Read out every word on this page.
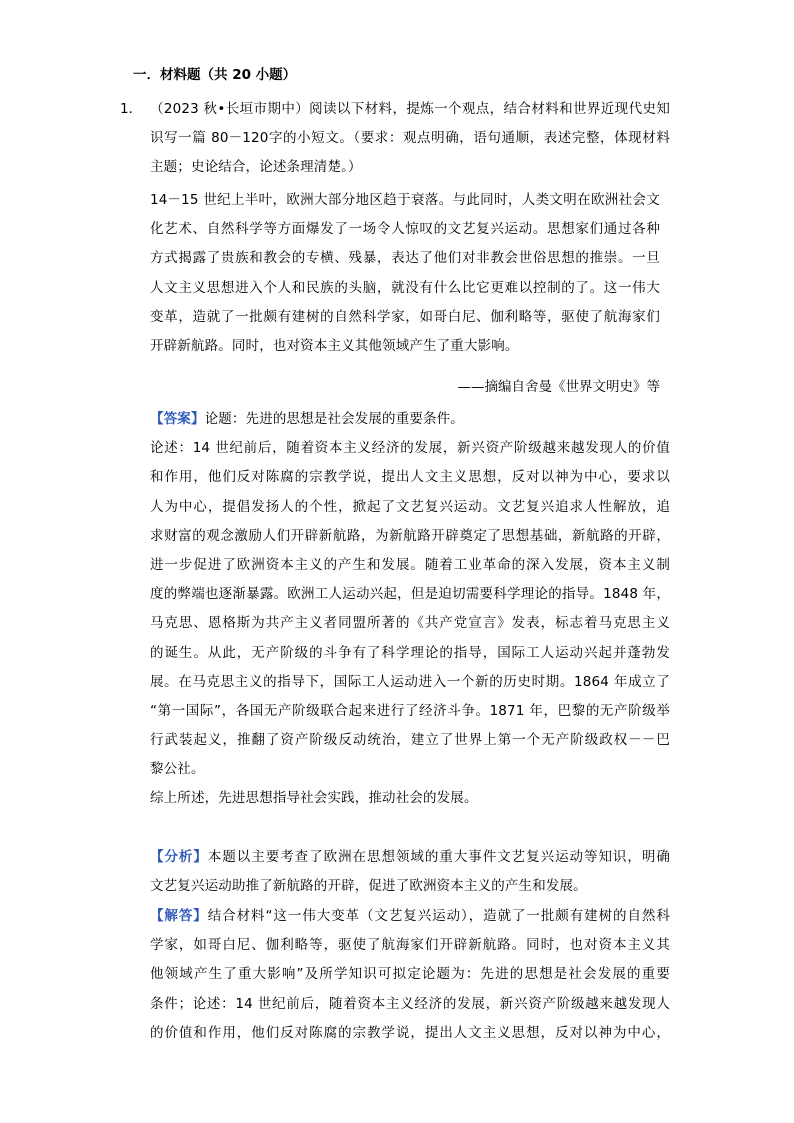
一．材料题（共 20 小题）
1． （2023 秋•长垣市期中）阅读以下材料，提炼一个观点，结合材料和世界近现代史知
识写一篇 80－120字的小短文。（要求：观点明确，语句通顺，表述完整，体现材料
主题；史论结合，论述条理清楚。）
14－15 世纪上半叶，欧洲大部分地区趋于衰落。与此同时，人类文明在欧洲社会文
化艺术、自然科学等方面爆发了一场令人惊叹的文艺复兴运动。思想家们通过各种
方式揭露了贵族和教会的专横、残暴，表达了他们对非教会世俗思想的推崇。一旦
人文主义思想进入个人和民族的头脑，就没有什么比它更难以控制的了。这一伟大
变革，造就了一批颇有建树的自然科学家，如哥白尼、伽利略等，驱使了航海家们
开辟新航路。同时，也对资本主义其他领域产生了重大影响。
——摘编自舍曼《世界文明史》等
【答案】论题：先进的思想是社会发展的重要条件。
论述：14 世纪前后，随着资本主义经济的发展，新兴资产阶级越来越发现人的价值
和作用，他们反对陈腐的宗教学说，提出人文主义思想，反对以神为中心，要求以
人为中心，提倡发扬人的个性，掀起了文艺复兴运动。文艺复兴追求人性解放，追
求财富的观念激励人们开辟新航路，为新航路开辟奠定了思想基础，新航路的开辟，
进一步促进了欧洲资本主义的产生和发展。随着工业革命的深入发展，资本主义制
度的弊端也逐渐暴露。欧洲工人运动兴起，但是迫切需要科学理论的指导。1848 年，
马克思、恩格斯为共产主义者同盟所著的《共产党宣言》发表，标志着马克思主义
的诞生。从此，无产阶级的斗争有了科学理论的指导，国际工人运动兴起并蓬勃发
展。在马克思主义的指导下，国际工人运动进入一个新的历史时期。1864 年成立了
“第一国际”，各国无产阶级联合起来进行了经济斗争。1871 年，巴黎的无产阶级举
行武装起义，推翻了资产阶级反动统治，建立了世界上第一个无产阶级政权－－巴
黎公社。
综上所述，先进思想指导社会实践，推动社会的发展。
【分析】本题以主要考查了欧洲在思想领域的重大事件文艺复兴运动等知识，明确
文艺复兴运动助推了新航路的开辟，促进了欧洲资本主义的产生和发展。
【解答】结合材料“这一伟大变革（文艺复兴运动），造就了一批颇有建树的自然科
学家，如哥白尼、伽利略等，驱使了航海家们开辟新航路。同时，也对资本主义其
他领域产生了重大影响”及所学知识可拟定论题为：先进的思想是社会发展的重要
条件；论述：14 世纪前后，随着资本主义经济的发展，新兴资产阶级越来越发现人
的价值和作用，他们反对陈腐的宗教学说，提出人文主义思想，反对以神为中心，
